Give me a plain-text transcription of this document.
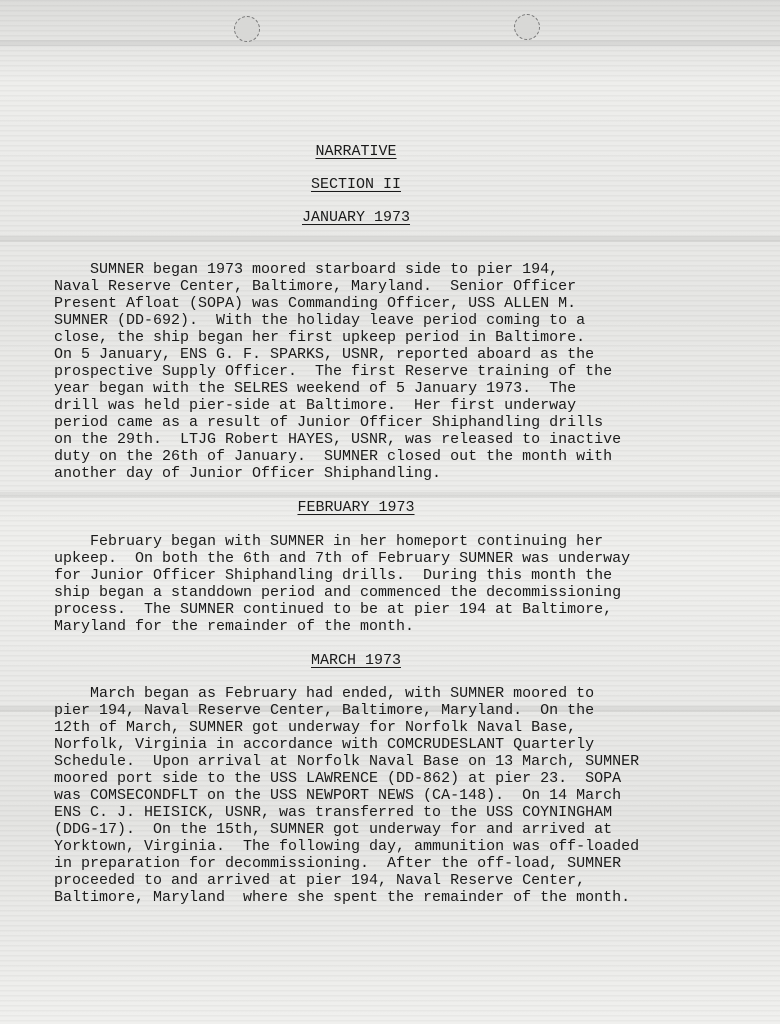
NARRATIVE

SECTION II

JANUARY 1973

SUMNER began 1973 moored starboard side to pier 194,
Naval Reserve Center, Baltimore, Maryland.  Senior Officer
Present Afloat (SOPA) was Commanding Officer, USS ALLEN M.
SUMNER (DD-692).  With the holiday leave period coming to a
close, the ship began her first upkeep period in Baltimore.
On 5 January, ENS G. F. SPARKS, USNR, reported aboard as the
prospective Supply Officer.  The first Reserve training of the
year began with the SELRES weekend of 5 January 1973.  The
drill was held pier-side at Baltimore.  Her first underway
period came as a result of Junior Officer Shiphandling drills
on the 29th.  LTJG Robert HAYES, USNR, was released to inactive
duty on the 26th of January.  SUMNER closed out the month with
another day of Junior Officer Shiphandling.

FEBRUARY 1973

February began with SUMNER in her homeport continuing her
upkeep.  On both the 6th and 7th of February SUMNER was underway
for Junior Officer Shiphandling drills.  During this month the
ship began a standdown period and commenced the decommissioning
process.  The SUMNER continued to be at pier 194 at Baltimore,
Maryland for the remainder of the month.

MARCH 1973

March began as February had ended, with SUMNER moored to
pier 194, Naval Reserve Center, Baltimore, Maryland.  On the
12th of March, SUMNER got underway for Norfolk Naval Base,
Norfolk, Virginia in accordance with COMCRUDESLANT Quarterly
Schedule.  Upon arrival at Norfolk Naval Base on 13 March, SUMNER
moored port side to the USS LAWRENCE (DD-862) at pier 23.  SOPA
was COMSECONDFLT on the USS NEWPORT NEWS (CA-148).  On 14 March
ENS C. J. HEISICK, USNR, was transferred to the USS COYNINGHAM
(DDG-17).  On the 15th, SUMNER got underway for and arrived at
Yorktown, Virginia.  The following day, ammunition was off-loaded
in preparation for decommissioning.  After the off-load, SUMNER
proceeded to and arrived at pier 194, Naval Reserve Center,
Baltimore, Maryland  where she spent the remainder of the month.
